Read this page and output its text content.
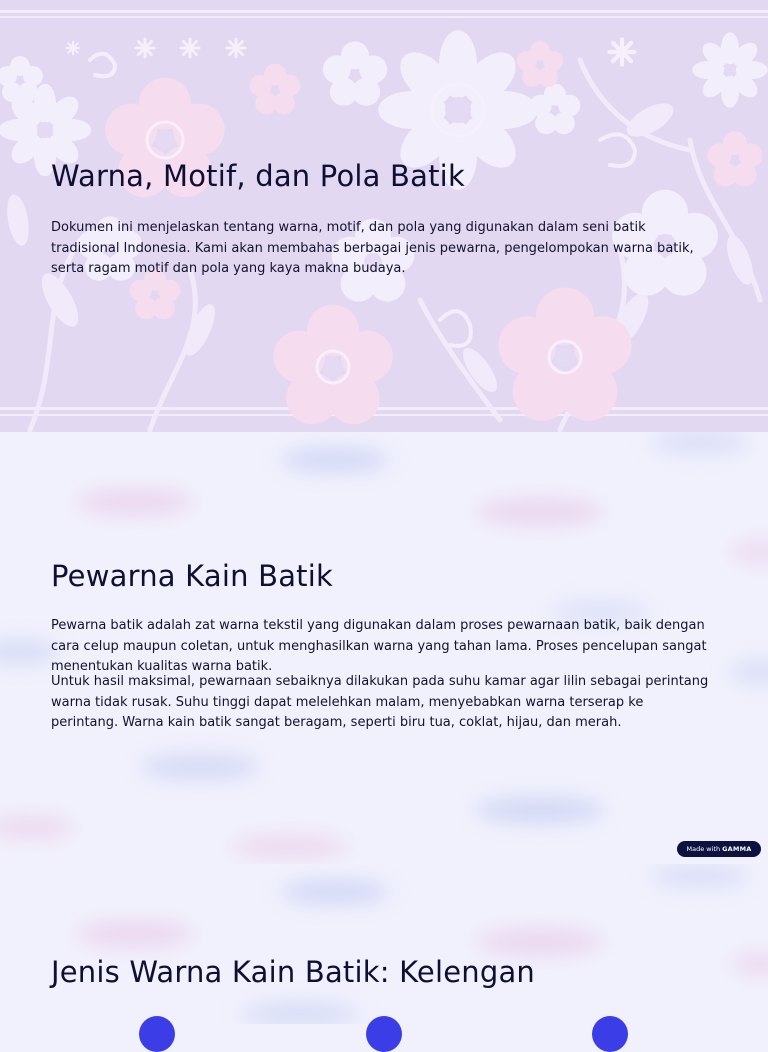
Warna, Motif, dan Pola Batik

Dokumen ini menjelaskan tentang warna, motif, dan pola yang digunakan dalam seni batik tradisional Indonesia. Kami akan membahas berbagai jenis pewarna, pengelompokan warna batik, serta ragam motif dan pola yang kaya makna budaya.

Pewarna Kain Batik

Pewarna batik adalah zat warna tekstil yang digunakan dalam proses pewarnaan batik, baik dengan cara celup maupun coletan, untuk menghasilkan warna yang tahan lama. Proses pencelupan sangat menentukan kualitas warna batik.

Untuk hasil maksimal, pewarnaan sebaiknya dilakukan pada suhu kamar agar lilin sebagai perintang warna tidak rusak. Suhu tinggi dapat melelehkan malam, menyebabkan warna terserap ke perintang. Warna kain batik sangat beragam, seperti biru tua, coklat, hijau, dan merah.

Jenis Warna Kain Batik: Kelengan
Made with GAMMA
